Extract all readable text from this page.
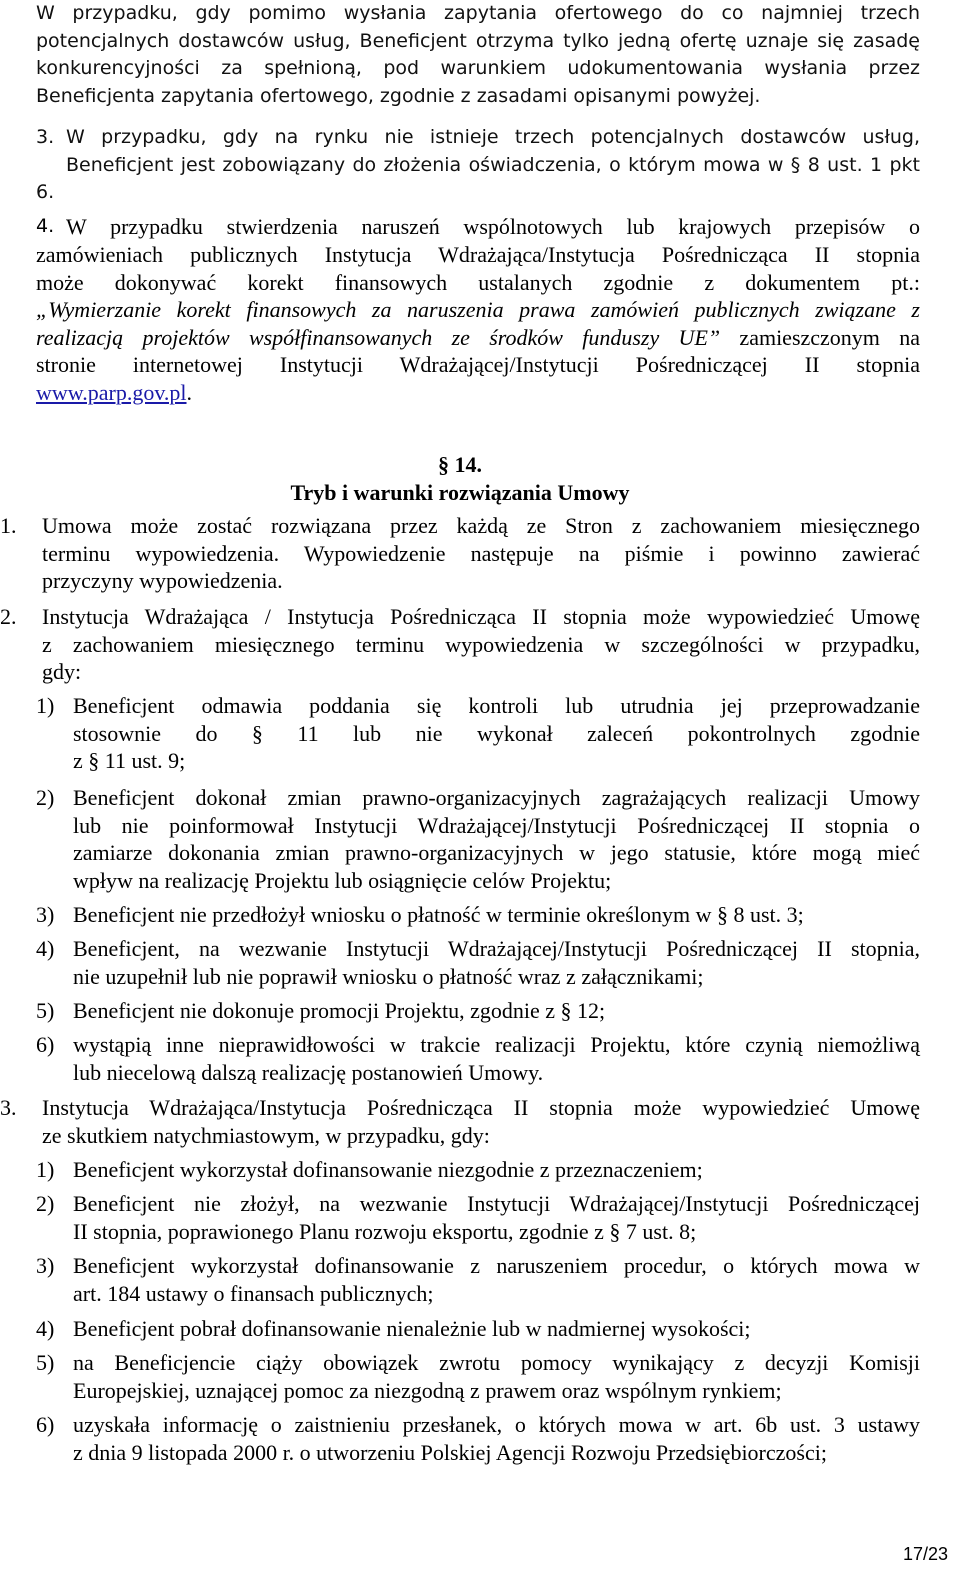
W przypadku, gdy pomimo wysłania zapytania ofertowego do co najmniej trzech
potencjalnych dostawców usług, Beneficjent otrzyma tylko jedną ofertę uznaje się zasadę
konkurencyjności za spełnioną, pod warunkiem udokumentowania wysłania przez
Beneficjenta zapytania ofertowego, zgodnie z zasadami opisanymi powyżej.
3. W przypadku, gdy na rynku nie istnieje trzech potencjalnych dostawców usług,
Beneficjent jest zobowiązany do złożenia oświadczenia, o którym mowa w § 8 ust. 1 pkt
6.
4. W przypadku stwierdzenia naruszeń wspólnotowych lub krajowych przepisów o
zamówieniach publicznych Instytucja Wdrażająca/Instytucja Pośrednicząca II stopnia
może dokonywać korekt finansowych ustalanych zgodnie z dokumentem pt.:
„Wymierzanie korekt finansowych za naruszenia prawa zamówień publicznych związane z
realizacją projektów współfinansowanych ze środków funduszy UE” zamieszczonym na
stronie internetowej Instytucji Wdrażającej/Instytucji Pośredniczącej II stopnia
www.parp.gov.pl.
§ 14.
Tryb i warunki rozwiązania Umowy
1. Umowa może zostać rozwiązana przez każdą ze Stron z zachowaniem miesięcznego
terminu wypowiedzenia. Wypowiedzenie następuje na piśmie i powinno zawierać
przyczyny wypowiedzenia.
2. Instytucja Wdrażająca / Instytucja Pośrednicząca II stopnia może wypowiedzieć Umowę
z zachowaniem miesięcznego terminu wypowiedzenia w szczególności w przypadku,
gdy:
1) Beneficjent odmawia poddania się kontroli lub utrudnia jej przeprowadzanie
stosownie do § 11 lub nie wykonał zaleceń pokontrolnych zgodnie
z § 11 ust. 9;
2) Beneficjent dokonał zmian prawno-organizacyjnych zagrażających realizacji Umowy
lub nie poinformował Instytucji Wdrażającej/Instytucji Pośredniczącej II stopnia o
zamiarze dokonania zmian prawno-organizacyjnych w jego statusie, które mogą mieć
wpływ na realizację Projektu lub osiągnięcie celów Projektu;
3) Beneficjent nie przedłożył wniosku o płatność w terminie określonym w § 8 ust. 3;
4) Beneficjent, na wezwanie Instytucji Wdrażającej/Instytucji Pośredniczącej II stopnia,
nie uzupełnił lub nie poprawił wniosku o płatność wraz z załącznikami;
5) Beneficjent nie dokonuje promocji Projektu, zgodnie z § 12;
6) wystąpią inne nieprawidłowości w trakcie realizacji Projektu, które czynią niemożliwą
lub niecelową dalszą realizację postanowień Umowy.
3. Instytucja Wdrażająca/Instytucja Pośrednicząca II stopnia może wypowiedzieć Umowę
ze skutkiem natychmiastowym, w przypadku, gdy:
1) Beneficjent wykorzystał dofinansowanie niezgodnie z przeznaczeniem;
2) Beneficjent nie złożył, na wezwanie Instytucji Wdrażającej/Instytucji Pośredniczącej
II stopnia, poprawionego Planu rozwoju eksportu, zgodnie z § 7 ust. 8;
3) Beneficjent wykorzystał dofinansowanie z naruszeniem procedur, o których mowa w
art. 184 ustawy o finansach publicznych;
4) Beneficjent pobrał dofinansowanie nienależnie lub w nadmiernej wysokości;
5) na Beneficjencie ciąży obowiązek zwrotu pomocy wynikający z decyzji Komisji
Europejskiej, uznającej pomoc za niezgodną z prawem oraz wspólnym rynkiem;
6) uzyskała informację o zaistnieniu przesłanek, o których mowa w art. 6b ust. 3 ustawy
z dnia 9 listopada 2000 r. o utworzeniu Polskiej Agencji Rozwoju Przedsiębiorczości;
17/23
